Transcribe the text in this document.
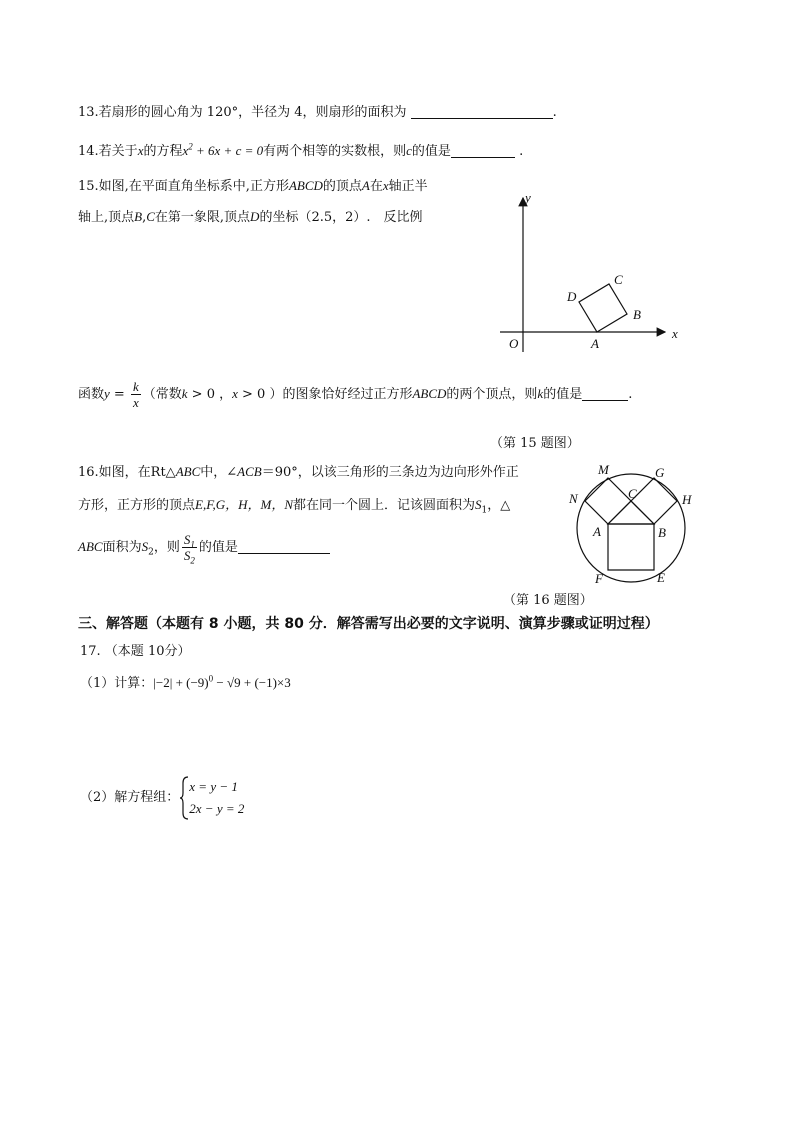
13.若扇形的圆心角为 120°，半径为 4，则扇形的面积为	.
14.若关于x的方程$x^2 + 6x + c = 0$有两个相等的实数根，则c的值是	.
15.如图,在平面直角坐标系中,正方形ABCD的顶点A在x轴正半
轴上,顶点B,C在第一象限,顶点D的坐标（2.5，2）.　反比例
函数$y = \frac{k}{x}$ （常数k > 0 ，x > 0 ）的图象恰好经过正方形ABCD的两个顶点，则k的值是	.
（第 15 题图）
y
x
O	A
B
C
D
16.如图，在Rt△ABC中，∠ACB＝90°，以该三角形的三条边为边向形外作正
方形，正方形的顶点E,F,G，H，M，N都在同一个圆上．记该圆面积为$S_1$，△
ABC面积为$S_2$，则 $\frac{S_1}{S_2}$ 的值是
（第 16 题图）
M	G
N	H
C
A	B
F	E
三、解答题（本题有 8 小题，共 80 分．解答需写出必要的文字说明、演算步骤或证明过程）
17. （本题 10分）
（1）计算：$|-2| + (-9)^0 - √9 + (-1)\times 3$
（2）解方程组：
x = y − 1
2x − y = 2
